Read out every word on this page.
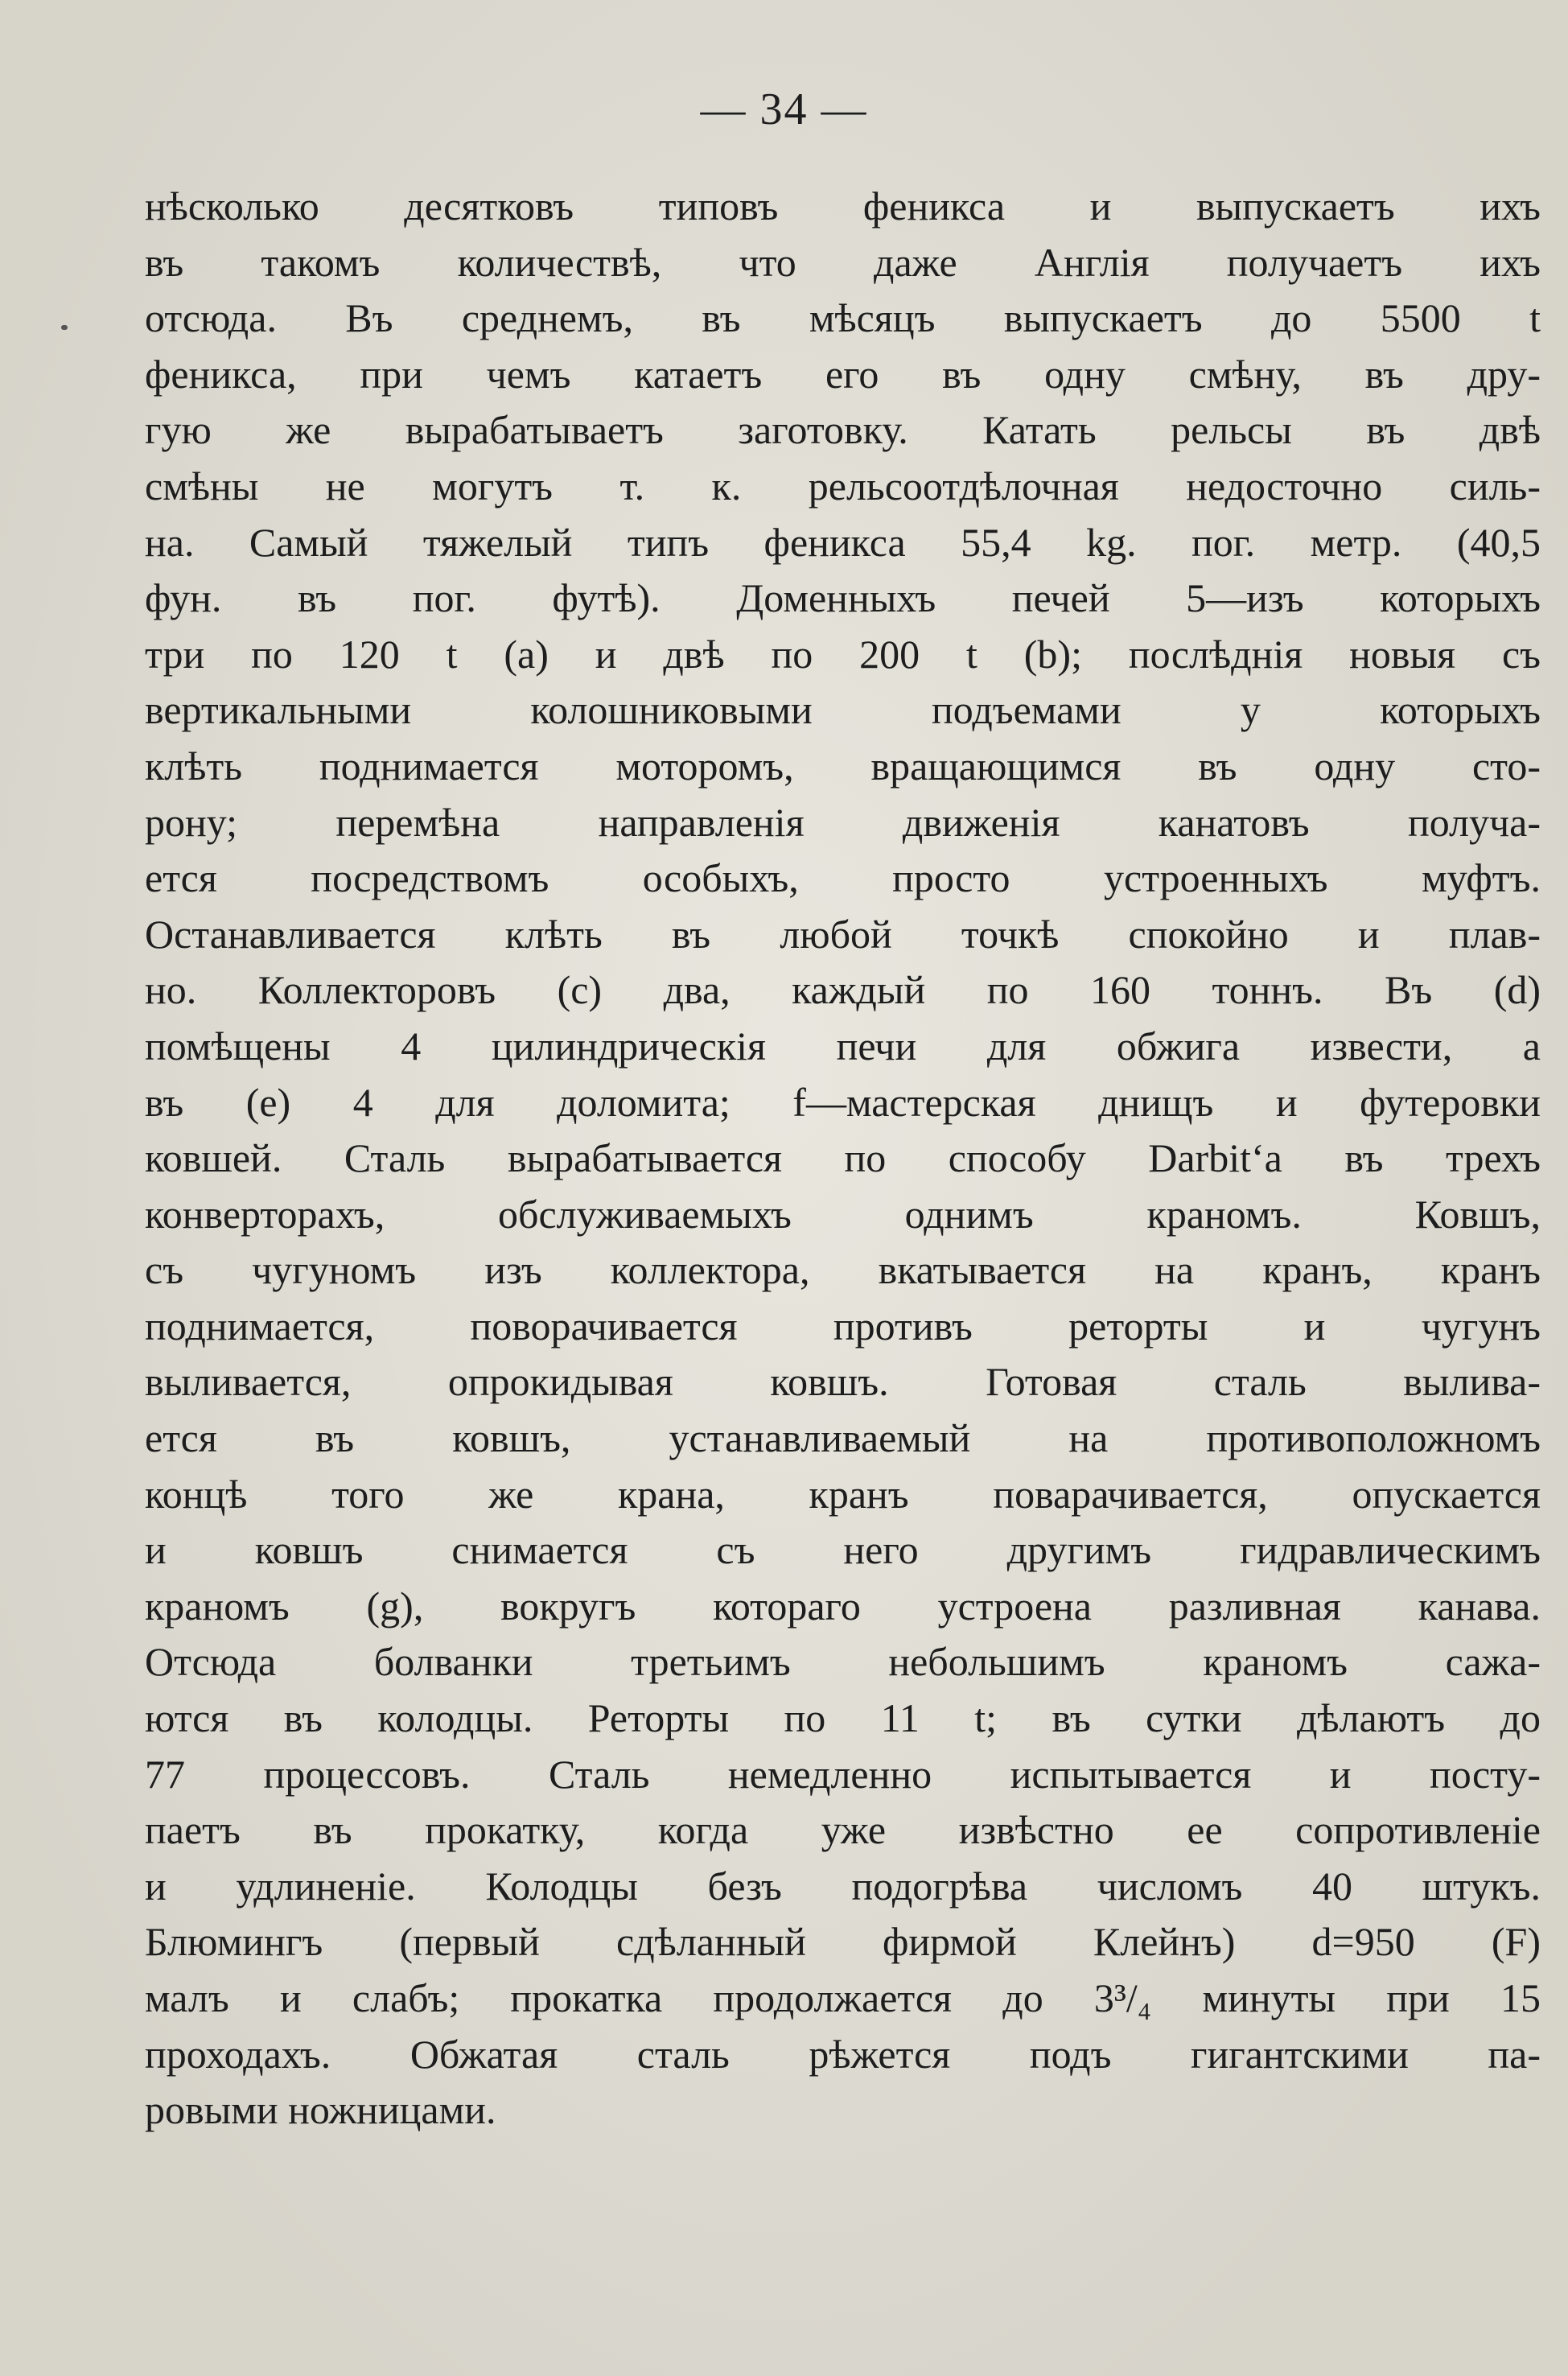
— 34 —
нѣсколько десятковъ типовъ феникса и выпускаетъ ихъ
въ такомъ количествѣ, что даже Англія получаетъ ихъ
отсюда. Въ среднемъ, въ мѣсяцъ выпускаетъ до 5500 t
феникса, при чемъ катаетъ его въ одну смѣну, въ дру-
гую же вырабатываетъ заготовку. Катать рельсы въ двѣ
смѣны не могутъ т. к. рельсоотдѣлочная недосточно силь-
на. Самый тяжелый типъ феникса 55,4 kg. пог. метр. (40,5
фун. въ пог. футѣ). Доменныхъ печей 5—изъ которыхъ
три по 120 t (a) и двѣ по 200 t (b); послѣднія новыя съ
вертикальными колошниковыми подъемами у которыхъ
клѣть поднимается моторомъ, вращающимся въ одну сто-
рону; перемѣна направленія движенія канатовъ получа-
ется посредствомъ особыхъ, просто устроенныхъ муфтъ.
Останавливается клѣть въ любой точкѣ спокойно и плав-
но. Коллекторовъ (c) два, каждый по 160 тоннъ. Въ (d)
помѣщены 4 цилиндрическія печи для обжига извести, а
въ (e) 4 для доломита; f—мастерская днищъ и футеровки
ковшей. Сталь вырабатывается по способу Darbit‘a въ трехъ
конверторахъ, обслуживаемыхъ однимъ краномъ. Ковшъ,
съ чугуномъ изъ коллектора, вкатывается на кранъ, кранъ
поднимается, поворачивается противъ реторты и чугунъ
выливается, опрокидывая ковшъ. Готовая сталь вылива-
ется въ ковшъ, устанавливаемый на противоположномъ
концѣ того же крана, кранъ поварачивается, опускается
и ковшъ снимается съ него другимъ гидравлическимъ
краномъ (g), вокругъ котораго устроена разливная канава.
Отсюда болванки третьимъ небольшимъ краномъ сажа-
ются въ колодцы. Реторты по 11 t; въ сутки дѣлаютъ до
77 процессовъ. Сталь немедленно испытывается и посту-
паетъ въ прокатку, когда уже извѣстно ее сопротивленіе
и удлиненіе. Колодцы безъ подогрѣва числомъ 40 штукъ.
Блюмингъ (первый сдѣланный фирмой Клейнъ) d=950 (F)
малъ и слабъ; прокатка продолжается до 3³/₄ минуты при 15
проходахъ. Обжатая сталь рѣжется подъ гигантскими па-
ровыми ножницами.
